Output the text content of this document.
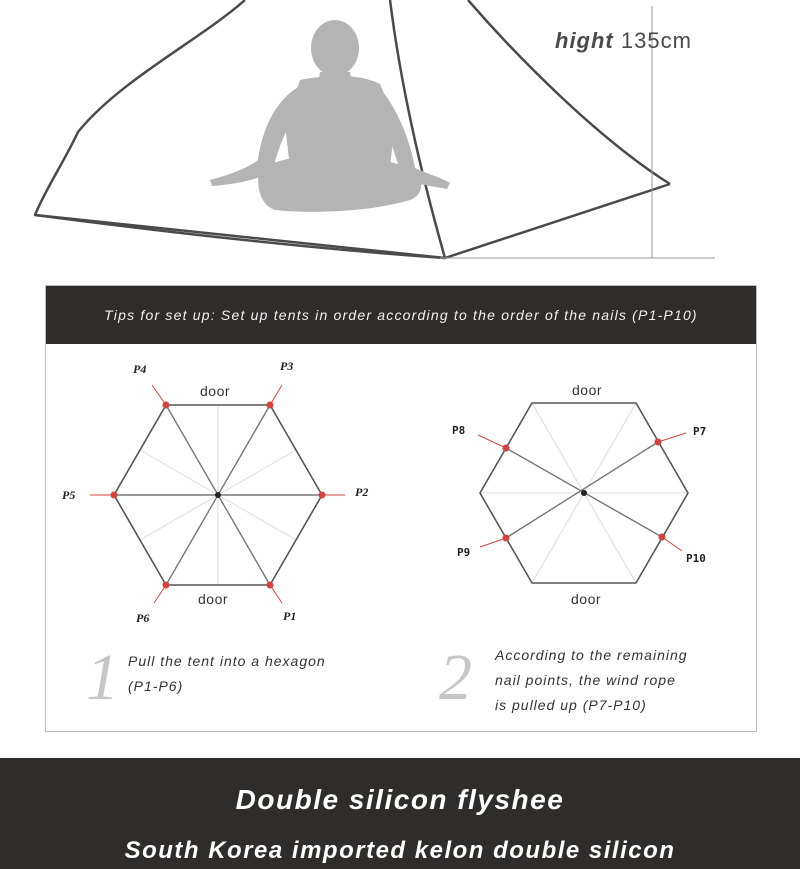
hight 135cm
Tips for set up: Set up tents in order according to the order of the nails (P1-P10)
P1
P2
P3
P4
P5
P6
door
door
P7
P8
P9	P10
door
door
1 Pull the tent into a hexagon
(P1-P6)	2 According to the remaining
nail points, the wind rope
is pulled up (P7-P10)
Double silicon flyshee
South Korea imported kelon double silicon
